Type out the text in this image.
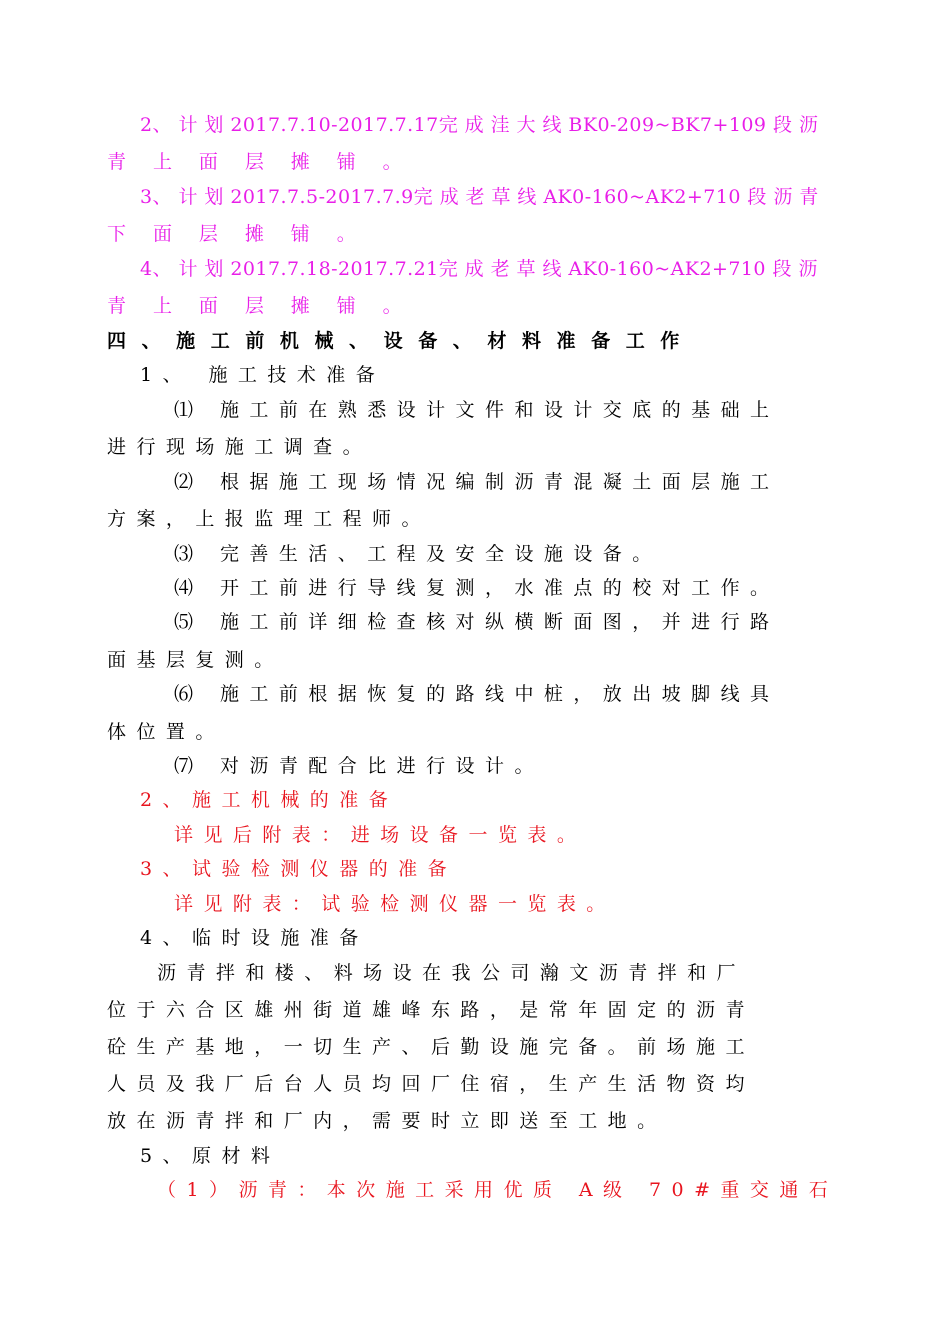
2、 计 划 2017.7.10-2017.7.17完 成 洼 大 线 BK0-209~BK7+109 段 沥
青 上 面 层 摊 铺 。
3、 计 划 2017.7.5-2017.7.9完 成 老 草 线 AK0-160~AK2+710 段 沥 青
下 面 层 摊 铺 。
4、 计 划 2017.7.18-2017.7.21完 成 老 草 线 AK0-160~AK2+710 段 沥
青 上 面 层 摊 铺 。
四、施工前机械、设备、材料准备工作
1、 施工技术准备
⑴ 施工前在熟悉设计文件和设计交底的基础上
进行现场施工调查。
⑵ 根据施工现场情况编制沥青混凝土面层施工
方案，上报监理工程师。
⑶ 完善生活、工程及安全设施设备。
⑷ 开工前进行导线复测，水准点的校对工作。
⑸ 施工前详细检查核对纵横断面图，并进行路
面基层复测。
⑹ 施工前根据恢复的路线中桩，放出坡脚线具
体位置。
⑺ 对沥青配合比进行设计。
2、施工机械的准备
详见后附表：进场设备一览表。
3、试验检测仪器的准备
详见附表：试验检测仪器一览表。
4、临时设施准备
沥青拌和楼、料场设在我公司瀚文沥青拌和厂
位于六合区雄州街道雄峰东路，是常年固定的沥青
砼生产基地，一切生产、后勤设施完备。前场施工
人员及我厂后台人员均回厂住宿，生产生活物资均
放在沥青拌和厂内，需要时立即送至工地。
5、原材料
（1）沥青：本次施工采用优质 A级 70#重交通石
